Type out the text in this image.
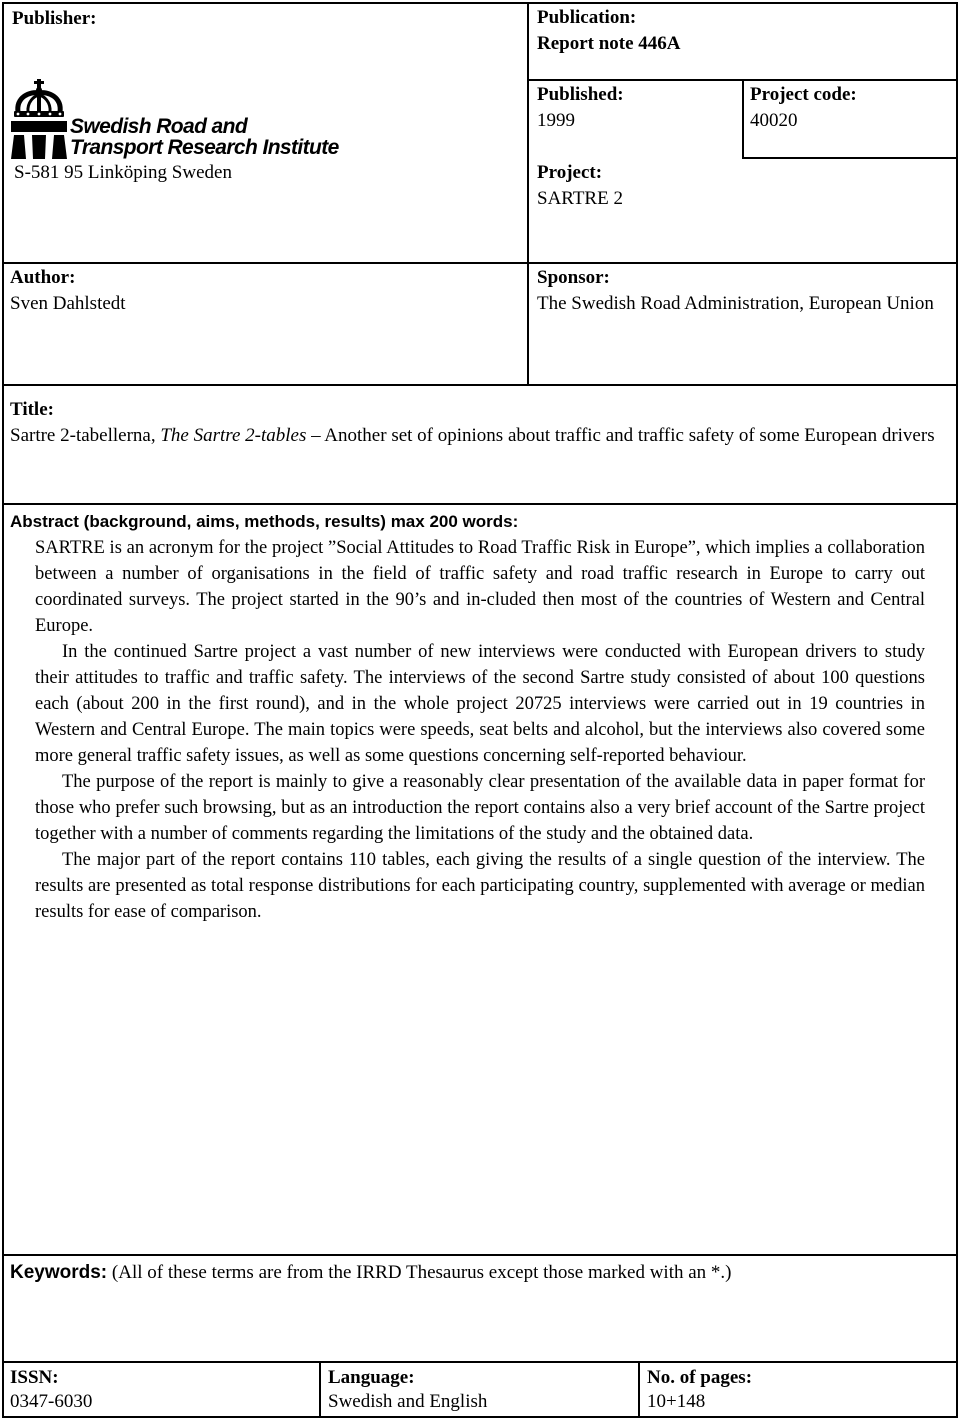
Publisher:
Swedish Road and
Transport Research Institute
S-581 95 Linköping Sweden
Publication:
Report note 446A
Published:
1999
Project code:
40020
Project:
SARTRE 2
Author:
Sven Dahlstedt
Sponsor:
The Swedish Road Administration, European Union
Title:
Sartre 2-tabellerna, The Sartre 2-tables – Another set of opinions about traffic and traffic safety of some European drivers
Abstract (background, aims, methods, results) max 200 words:

SARTRE is an acronym for the project ”Social Attitudes to Road Traffic Risk in Europe”, which implies a collaboration between a number of organisations in the field of traffic safety and road traffic research in Europe to carry out coordinated surveys. The project started in the 90’s and in-cluded then most of the countries of Western and Central Europe.

In the continued Sartre project a vast number of new interviews were conducted with European drivers to study their attitudes to traffic and traffic safety. The interviews of the second Sartre study consisted of about 100 questions each (about 200 in the first round), and in the whole project 20725 interviews were carried out in 19 countries in Western and Central Europe. The main topics were speeds, seat belts and alcohol, but the interviews also covered some more general traffic safety issues, as well as some questions concerning self-reported behaviour.

The purpose of the report is mainly to give a reasonably clear presentation of the available data in paper format for those who prefer such browsing, but as an introduction the report contains also a very brief account of the Sartre project together with a number of comments regarding the limitations of the study and the obtained data.

The major part of the report contains 110 tables, each giving the results of a single question of the interview. The results are presented as total response distributions for each participating country, supplemented with average or median results for ease of comparison.

Keywords: (All of these terms are from the IRRD Thesaurus except those marked with an *.)
ISSN:
0347-6030
Language:
Swedish and English
No. of pages:
10+148
